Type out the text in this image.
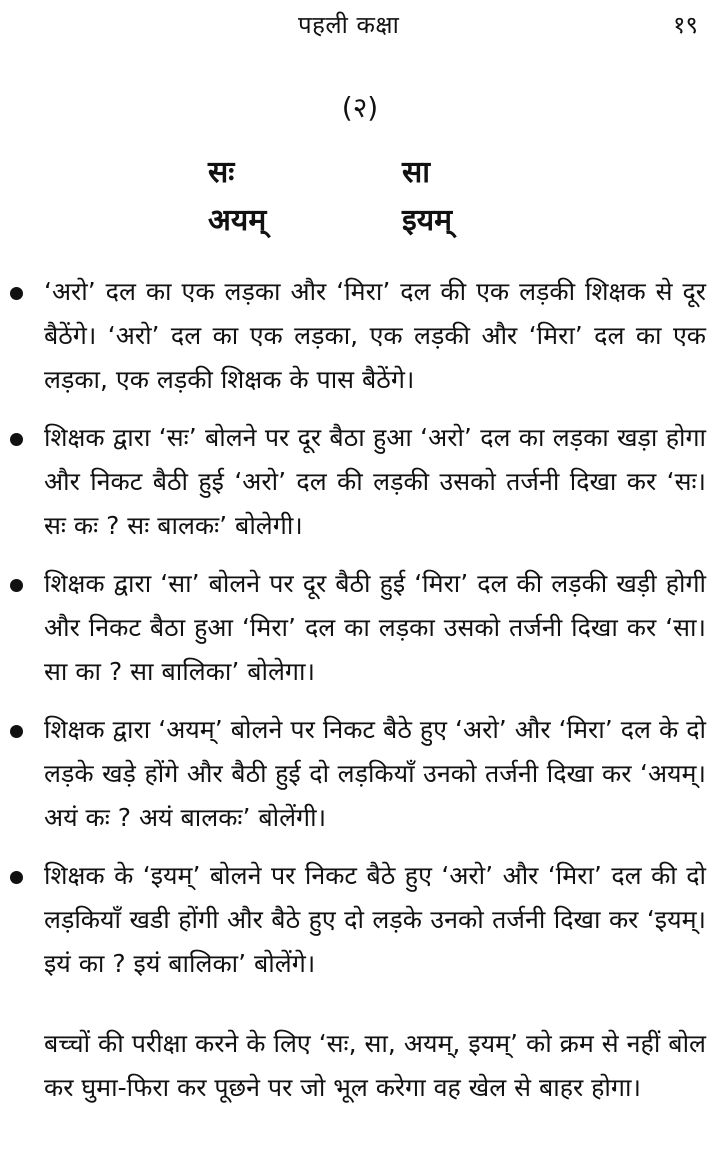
पहली कक्षा	१९
(२)
सः	सा
अयम्	इयम्
‘अरो’ दल का एक लड़का और ‘मिरा’ दल की एक लड़की शिक्षक से दूर बैठेंगे। ‘अरो’ दल का एक लड़का, एक लड़की और ‘मिरा’ दल का एक लड़का, एक लड़की शिक्षक के पास बैठेंगे।
शिक्षक द्वारा ‘सः’ बोलने पर दूर बैठा हुआ ‘अरो’ दल का लड़का खड़ा होगा और निकट बैठी हुई ‘अरो’ दल की लड़की उसको तर्जनी दिखा कर ‘सः। सः कः ? सः बालकः’ बोलेगी।
शिक्षक द्वारा ‘सा’ बोलने पर दूर बैठी हुई ‘मिरा’ दल की लड़की खड़ी होगी और निकट बैठा हुआ ‘मिरा’ दल का लड़का उसको तर्जनी दिखा कर ‘सा। सा का ? सा बालिका’ बोलेगा।
शिक्षक द्वारा ‘अयम्’ बोलने पर निकट बैठे हुए ‘अरो’ और ‘मिरा’ दल के दो लड़के खड़े होंगे और बैठी हुई दो लड़कियाँ उनको तर्जनी दिखा कर ‘अयम्। अयं कः ? अयं बालकः’ बोलेंगी।
शिक्षक के ‘इयम्’ बोलने पर निकट बैठे हुए ‘अरो’ और ‘मिरा’ दल की दो लड़कियाँ खडी होंगी और बैठे हुए दो लड़के उनको तर्जनी दिखा कर ‘इयम्। इयं का ? इयं बालिका’ बोलेंगे।

बच्चों की परीक्षा करने के लिए ‘सः, सा, अयम्, इयम्’ को क्रम से नहीं बोल कर घुमा-फिरा कर पूछने पर जो भूल करेगा वह खेल से बाहर होगा।
